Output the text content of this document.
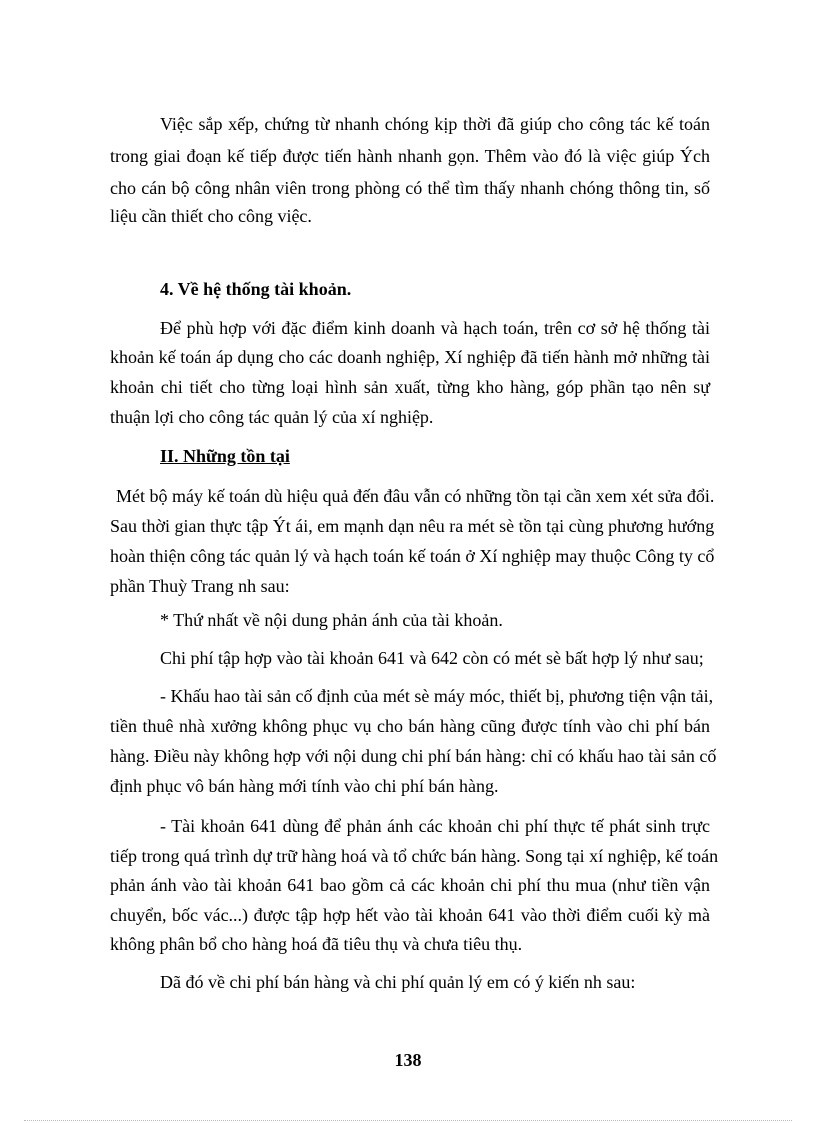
Việc sắp xếp, chứng từ nhanh chóng kịp thời đã giúp cho công tác kế toán
trong giai đoạn kế tiếp được tiến hành nhanh gọn. Thêm vào đó là việc giúp Ých
cho cán bộ công nhân viên trong phòng có thể tìm thấy nhanh chóng thông tin, số
liệu cần thiết cho công việc.
4. Về hệ thống tài khoản.
Để phù hợp với đặc điểm kinh doanh và hạch toán, trên cơ sở hệ thống tài
khoản kế toán áp dụng cho các doanh nghiệp, Xí nghiệp đã tiến hành mở những tài
khoản chi tiết cho từng loại hình sản xuất, từng kho hàng, góp phần tạo nên sự
thuận lợi cho công tác quản lý của xí nghiệp.
II. Những tồn tại
Mét bộ máy kế toán dù hiệu quả đến đâu vẫn có những tồn tại cần xem xét sửa đổi.
Sau thời gian thực tập Ýt ái, em mạnh dạn nêu ra mét sè tồn tại cùng phương hướng
hoàn thiện công tác quản lý và hạch toán kế toán ở Xí nghiệp may thuộc Công ty cổ
phần Thuỳ Trang nh sau:
* Thứ nhất về nội dung phản ánh của tài khoản.
Chi phí tập hợp vào tài khoản 641 và 642 còn có mét sè bất hợp lý như sau;
- Khấu hao tài sản cố định của mét sè máy móc, thiết bị, phương tiện vận tải,
tiền thuê nhà xưởng không phục vụ cho bán hàng cũng được tính vào chi phí bán
hàng. Điều này không hợp với nội dung chi phí bán hàng: chỉ có khấu hao tài sản cố
định phục vô bán hàng mới tính vào chi phí bán hàng.
- Tài khoản 641 dùng để phản ánh các khoản chi phí thực tế phát sinh trực
tiếp trong quá trình dự trữ hàng hoá và tổ chức bán hàng. Song tại xí nghiệp, kế toán
phản ánh vào tài khoản 641 bao gồm cả các khoản chi phí thu mua (như tiền vận
chuyển, bốc vác...) được tập hợp hết vào tài khoản 641 vào thời điểm cuối kỳ mà
không phân bổ cho hàng hoá đã tiêu thụ và chưa tiêu thụ.
Dã đó về chi phí bán hàng và chi phí quản lý em có ý kiến nh sau:
138
